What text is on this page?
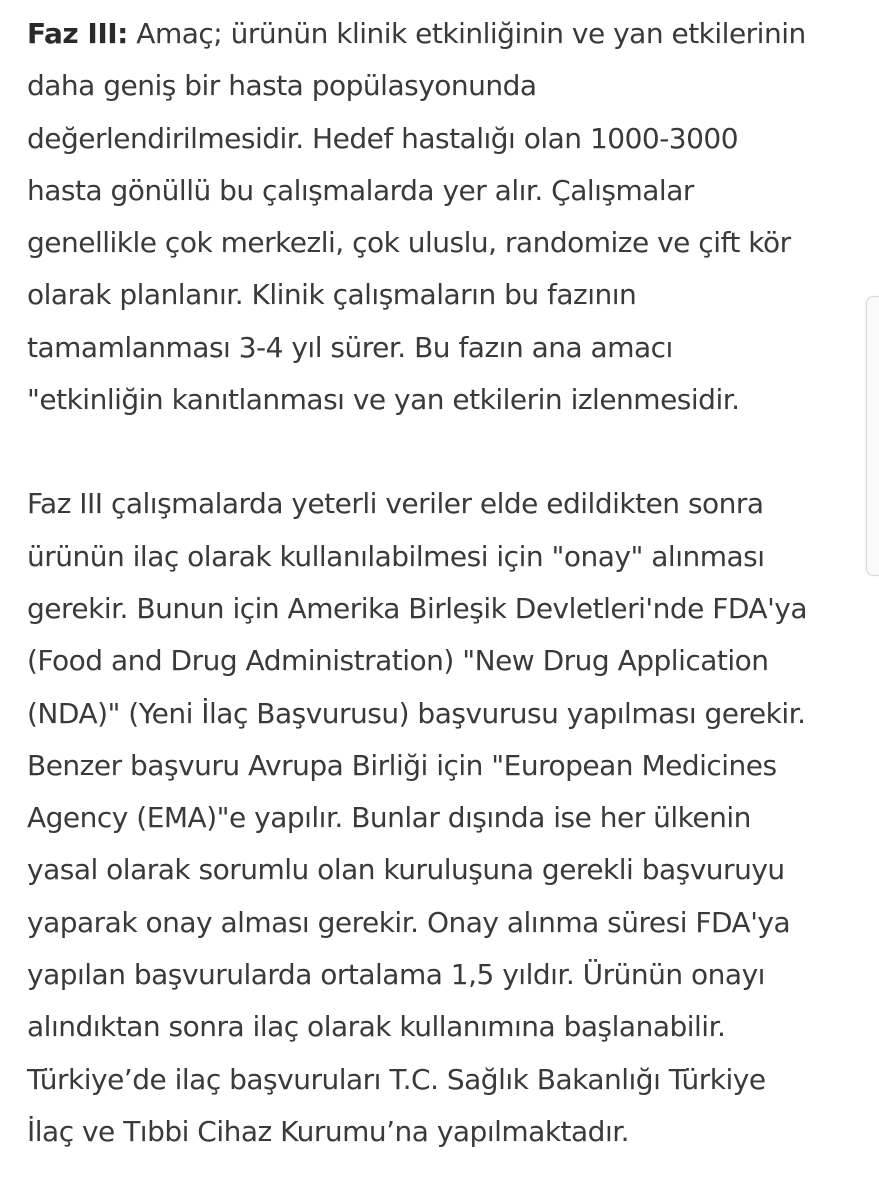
Faz III: Amaç; ürünün klinik etkinliğinin ve yan etkilerinin
daha geniş bir hasta popülasyonunda
değerlendirilmesidir. Hedef hastalığı olan 1000-3000
hasta gönüllü bu çalışmalarda yer alır. Çalışmalar
genellikle çok merkezli, çok uluslu, randomize ve çift kör
olarak planlanır. Klinik çalışmaların bu fazının
tamamlanması 3-4 yıl sürer. Bu fazın ana amacı
"etkinliğin kanıtlanması ve yan etkilerin izlenmesidir.

Faz III çalışmalarda yeterli veriler elde edildikten sonra
ürünün ilaç olarak kullanılabilmesi için "onay" alınması
gerekir. Bunun için Amerika Birleşik Devletleri'nde FDA'ya
(Food and Drug Administration) "New Drug Application
(NDA)" (Yeni İlaç Başvurusu) başvurusu yapılması gerekir.
Benzer başvuru Avrupa Birliği için "European Medicines
Agency (EMA)"e yapılır. Bunlar dışında ise her ülkenin
yasal olarak sorumlu olan kuruluşuna gerekli başvuruyu
yaparak onay alması gerekir. Onay alınma süresi FDA'ya
yapılan başvurularda ortalama 1,5 yıldır. Ürünün onayı
alındıktan sonra ilaç olarak kullanımına başlanabilir.
Türkiye’de ilaç başvuruları T.C. Sağlık Bakanlığı Türkiye
İlaç ve Tıbbi Cihaz Kurumu’na yapılmaktadır.
